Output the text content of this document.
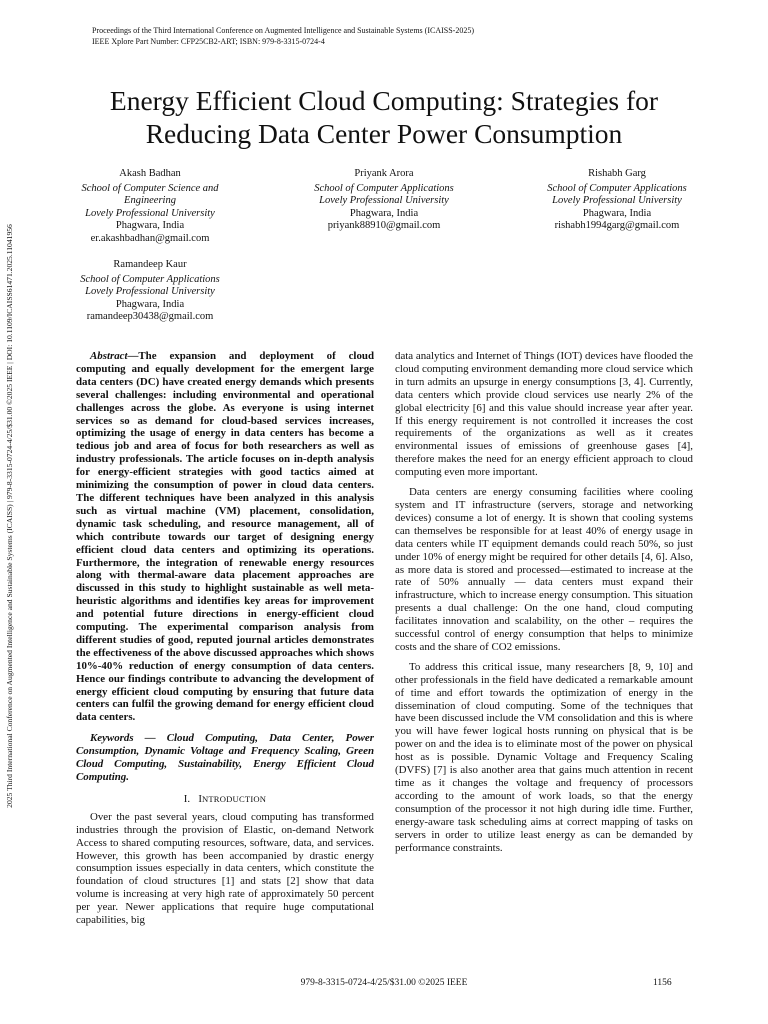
Proceedings of the Third International Conference on Augmented Intelligence and Sustainable Systems (ICAISS-2025)
IEEE Xplore Part Number: CFP25CB2-ART; ISBN: 979-8-3315-0724-4
2025 Third International Conference on Augmented Intelligence and Sustainable Systems (ICAISS) | 979-8-3315-0724-4/25/$31.00 ©2025 IEEE | DOI: 10.1109/ICAISS61471.2025.11041956
Energy Efficient Cloud Computing: Strategies for
Reducing Data Center Power Consumption
Akash Badhan
School of Computer Science and
Engineering
Lovely Professional University
Phagwara, India
er.akashbadhan@gmail.com
Priyank Arora
School of Computer Applications
Lovely Professional University
Phagwara, India
priyank88910@gmail.com
Rishabh Garg
School of Computer Applications
Lovely Professional University
Phagwara, India
rishabh1994garg@gmail.com
Ramandeep Kaur
School of Computer Applications
Lovely Professional University
Phagwara, India
ramandeep30438@gmail.com

Abstract—The expansion and deployment of cloud computing and equally development for the emergent large data centers (DC) have created energy demands which presents several challenges: including environmental and operational challenges across the globe. As everyone is using internet services so as demand for cloud-based services increases, optimizing the usage of energy in data centers has become a tedious job and area of focus for both researchers as well as industry professionals. The article focuses on in-depth analysis for energy-efficient strategies with good tactics aimed at minimizing the consumption of power in cloud data centers. The different techniques have been analyzed in this analysis such as virtual machine (VM) placement, consolidation, dynamic task scheduling, and resource management, all of which contribute towards our target of designing energy efficient cloud data centers and optimizing its operations. Furthermore, the integration of renewable energy resources along with thermal-aware data placement approaches are discussed in this study to highlight sustainable as well meta-heuristic algorithms and identifies key areas for improvement and potential future directions in energy-efficient cloud computing. The experimental comparison analysis from different studies of good, reputed journal articles demonstrates the effectiveness of the above discussed approaches which shows 10%-40% reduction of energy consumption of data centers. Hence our findings contribute to advancing the development of energy efficient cloud computing by ensuring that future data centers can fulfil the growing demand for energy efficient cloud data centers.

Keywords — Cloud Computing, Data Center, Power Consumption, Dynamic Voltage and Frequency Scaling, Green Cloud Computing, Sustainability, Energy Efficient Cloud Computing.

I. INTRODUCTION

Over the past several years, cloud computing has transformed industries through the provision of Elastic, on-demand Network Access to shared computing resources, software, data, and services. However, this growth has been accompanied by drastic energy consumption issues especially in data centers, which constitute the foundation of cloud structures [1] and stats [2] show that data volume is increasing at very high rate of approximately 50 percent per year. Newer applications that require huge computational capabilities, big

data analytics and Internet of Things (IOT) devices have flooded the cloud computing environment demanding more cloud service which in turn admits an upsurge in energy consumptions [3, 4]. Currently, data centers which provide cloud services use nearly 2% of the global electricity [6] and this value should increase year after year. If this energy requirement is not controlled it increases the cost requirements of the organizations as well as it creates environmental issues of emissions of greenhouse gases [4], therefore makes the need for an energy efficient approach to cloud computing even more important.

Data centers are energy consuming facilities where cooling system and IT infrastructure (servers, storage and networking devices) consume a lot of energy. It is shown that cooling systems can themselves be responsible for at least 40% of energy usage in data centers while IT equipment demands could reach 50%, so just under 10% of energy might be required for other details [4, 6]. Also, as more data is stored and processed—estimated to increase at the rate of 50% annually — data centers must expand their infrastructure, which to increase energy consumption. This situation presents a dual challenge: On the one hand, cloud computing facilitates innovation and scalability, on the other – requires the successful control of energy consumption that helps to minimize costs and the share of CO2 emissions.

To address this critical issue, many researchers [8, 9, 10] and other professionals in the field have dedicated a remarkable amount of time and effort towards the optimization of energy in the dissemination of cloud computing. Some of the techniques that have been discussed include the VM consolidation and this is where you will have fewer logical hosts running on physical that is be power on and the idea is to eliminate most of the power on physical host as is possible. Dynamic Voltage and Frequency Scaling (DVFS) [7] is also another area that gains much attention in recent time as it changes the voltage and frequency of processors according to the amount of work loads, so that the energy consumption of the processor it not high during idle time. Further, energy-aware task scheduling aims at correct mapping of tasks on servers in order to utilize least energy as can be demanded by performance constraints.

979-8-3315-0724-4/25/$31.00 ©2025 IEEE	1156
